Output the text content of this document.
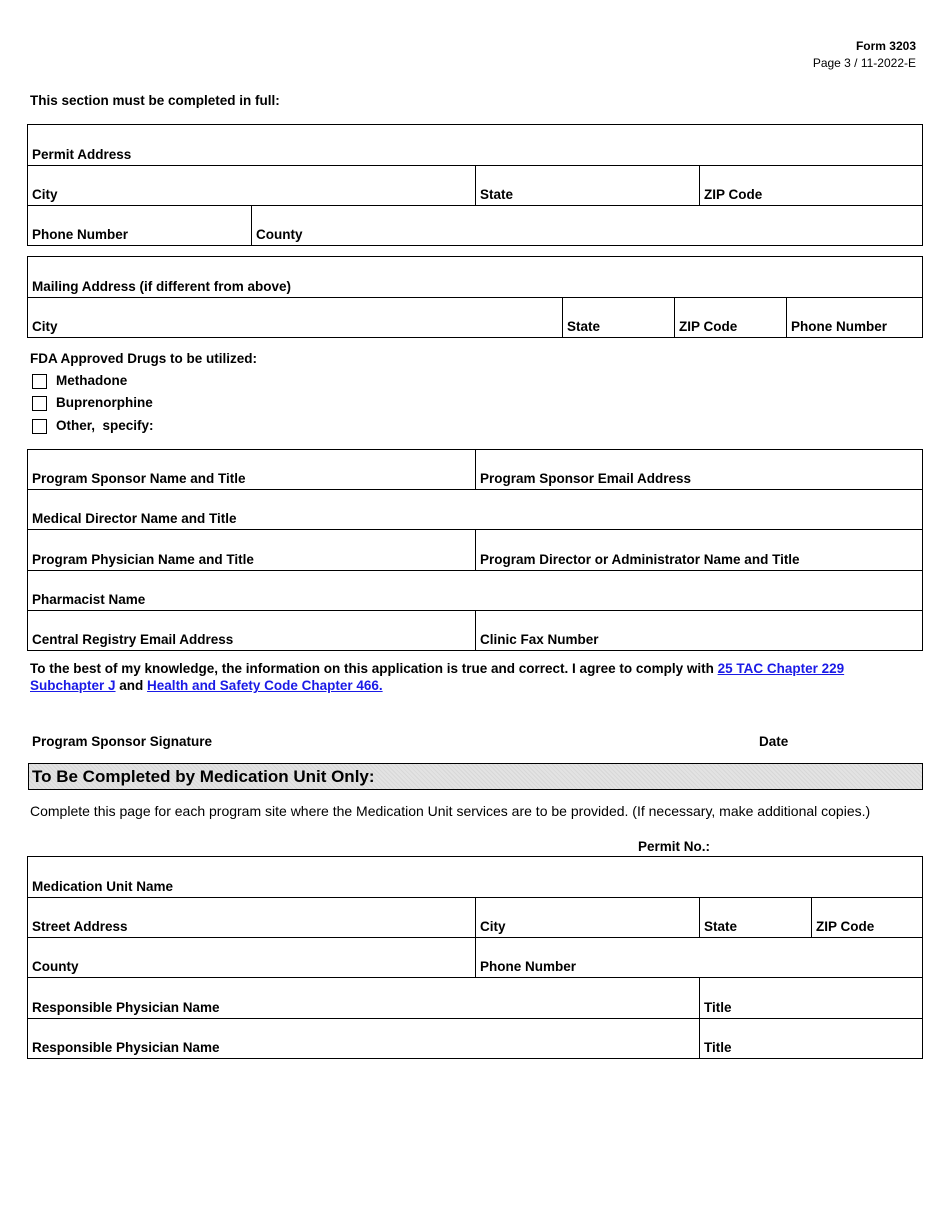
Form 3203
Page 3 / 11-2022-E
This section must be completed in full:
Permit Address
City	State	ZIP Code
Phone Number	County
Mailing Address (if different from above)
City	State	ZIP Code	Phone Number
FDA Approved Drugs to be utilized:
Methadone
Buprenorphine
Other,  specify:
Program Sponsor Name and Title	Program Sponsor Email Address
Medical Director Name and Title
Program Physician Name and Title	Program Director or Administrator Name and Title
Pharmacist Name
Central Registry Email Address	Clinic Fax Number
To the best of my knowledge, the information on this application is true and correct. I agree to comply with 25 TAC Chapter 229 Subchapter J and Health and Safety Code Chapter 466.
Program Sponsor Signature	Date
To Be Completed by Medication Unit Only:
Complete this page for each program site where the Medication Unit services are to be provided. (If necessary, make additional copies.)
Permit No.:
Medication Unit Name
Street Address	City	State	ZIP Code
County	Phone Number
Responsible Physician Name	Title
Responsible Physician Name	Title
